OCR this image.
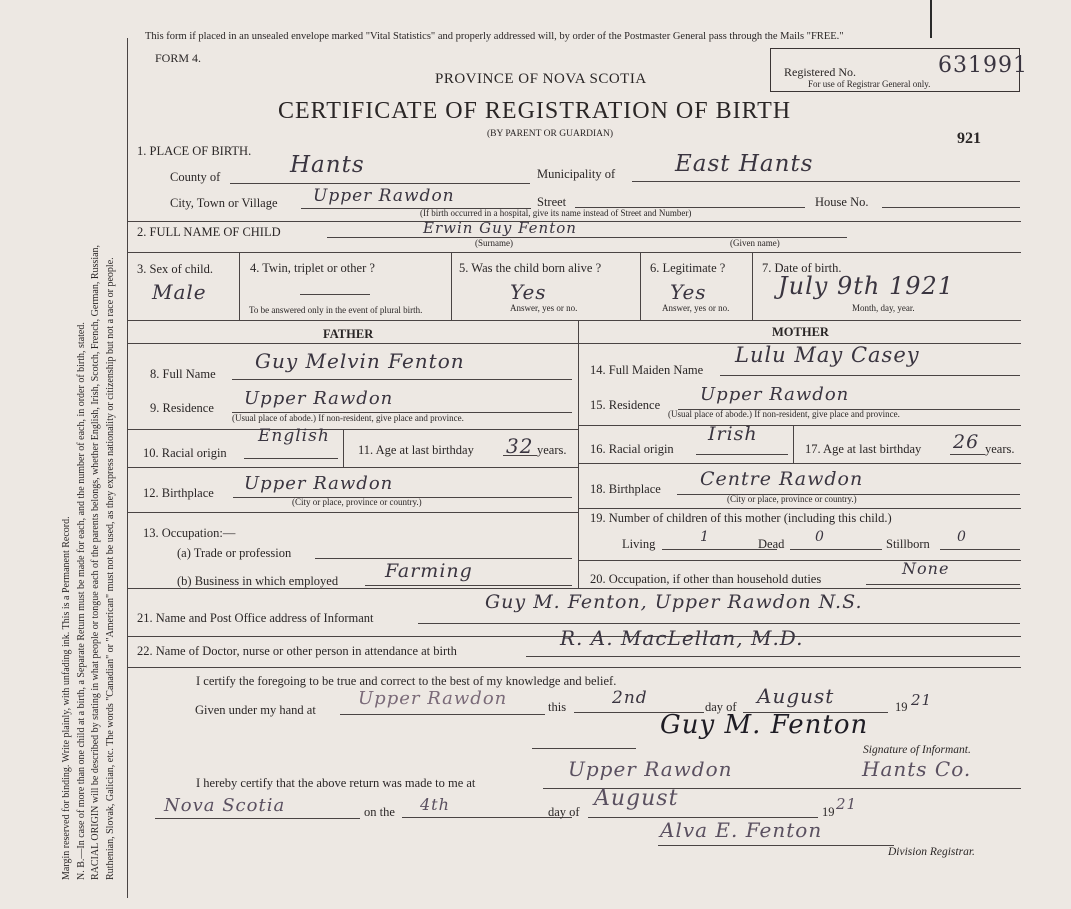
Margin reserved for binding. Write plainly, with unfading ink. This is a Permanent Record. N. B.—In case of more than one child at a birth, a Separate Return must be made for each, and the number of each, in order of birth, stated. RACIAL ORIGIN will be described by stating in what people or tongue each of the parents belongs, whether English, Irish, Scotch, French, German, Russian, Ruthenian, Slovak, Galician, etc. The words "Canadian" or "American" must not be used, as they express nationality or citizenship but not a race or people.
This form if placed in an unsealed envelope marked "Vital Statistics" and properly addressed will, by order of the Postmaster General pass through the Mails "FREE."
FORM 4.
PROVINCE OF NOVA SCOTIA
CERTIFICATE OF REGISTRATION OF BIRTH
(BY PARENT OR GUARDIAN)
Registered No.	631991
For use of Registrar General only.
921
1. PLACE OF BIRTH.
County of	Hants	Municipality of	East Hants
City, Town or Village Upper Rawdon	Street	House No.
(If birth occurred in a hospital, give its name instead of Street and Number)
2. FULL NAME OF CHILD	Erwin Guy Fenton
(Surname)	(Given name)
3. Sex of child.
Male
4. Twin, triplet or other ?
To be answered only in the event of plural birth.
5. Was the child born alive ?
Yes
Answer, yes or no.
6. Legitimate ?
Yes
Answer, yes or no.
7. Date of birth.
July 9th 1921
Month, day, year.
FATHER	MOTHER
8. Full Name
Guy Melvin Fenton
9. Residence Upper Rawdon
(Usual place of abode.) If non-resident, give place and province.
10. Racial origin
English
11. Age at last birthday 32 years.
12. Birthplace Upper Rawdon
(City or place, province or country.)
13. Occupation:—
(a) Trade or profession
(b) Business in which employed Farming
14. Full Maiden Name
Lulu May Casey
15. Residence Upper Rawdon
(Usual place of abode.) If non-resident, give place and province.
16. Racial origin
Irish
17. Age at last birthday 26 years.
18. Birthplace Centre Rawdon
(City or place, province or country.)
19. Number of children of this mother (including this child.)
Living	1	Dead 0	Stillborn 0
20. Occupation, if other than household duties
None
21. Name and Post Office address of Informant
Guy M. Fenton, Upper Rawdon N.S.
22. Name of Doctor, nurse or other person in attendance at birth
R. A. MacLellan, M.D.
I certify the foregoing to be true and correct to the best of my knowledge and belief.
Given under my hand at
Upper Rawdon	this	2nd	day of August	19 21
Guy M. Fenton
Signature of Informant.
I hereby certify that the above return was made to me at
Upper Rawdon	Hants Co.
Nova Scotia	on the 4th	day of
August
19 21
Alva E. Fenton
Division Registrar.
